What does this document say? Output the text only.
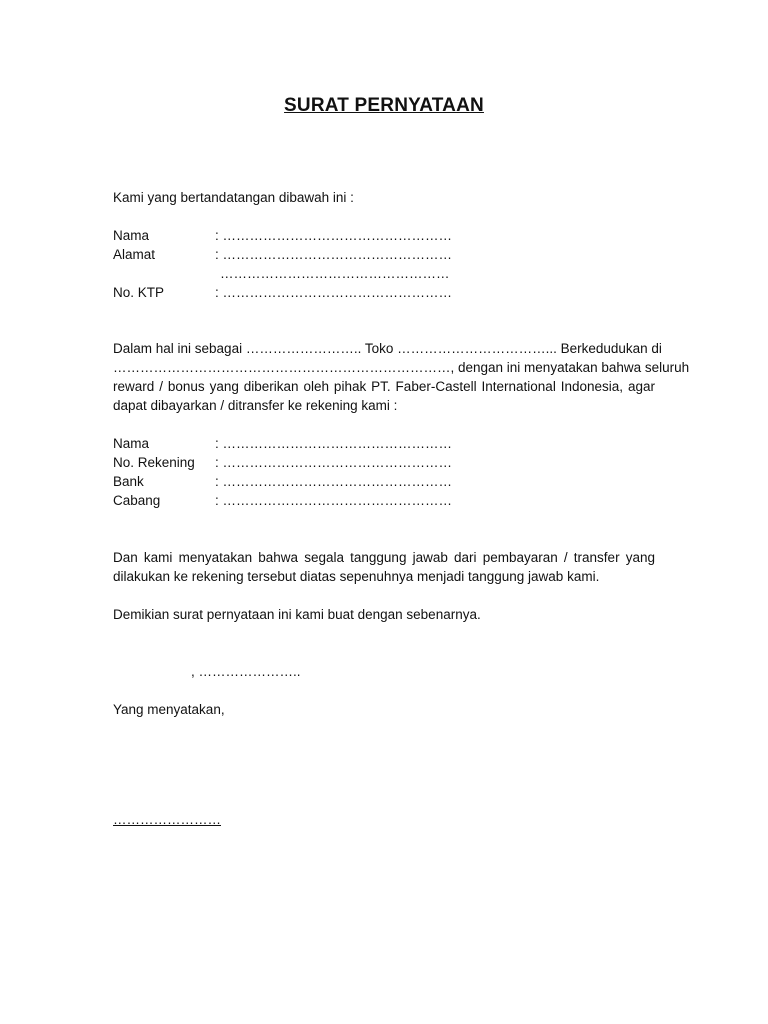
SURAT PERNYATAAN
Kami yang bertandatangan dibawah ini :
Nama	: ……………………………………………
Alamat	: ……………………………………………
……………………………………………
No. KTP	: ……………………………………………
Dalam hal ini sebagai …………………….. Toko ……………………………... Berkedudukan di
…………………………………………………………………, dengan ini menyatakan bahwa seluruh
reward / bonus yang diberikan oleh pihak PT. Faber-Castell International Indonesia, agar
dapat dibayarkan / ditransfer ke rekening kami :
Nama	: ……………………………………………
No. Rekening : ……………………………………………
Bank	: ……………………………………………
Cabang	: ……………………………………………
Dan kami menyatakan bahwa segala tanggung jawab dari pembayaran / transfer yang
dilakukan ke rekening tersebut diatas sepenuhnya menjadi tanggung jawab kami.
Demikian surat pernyataan ini kami buat dengan sebenarnya.
, …………………..
Yang menyatakan,
……………………
